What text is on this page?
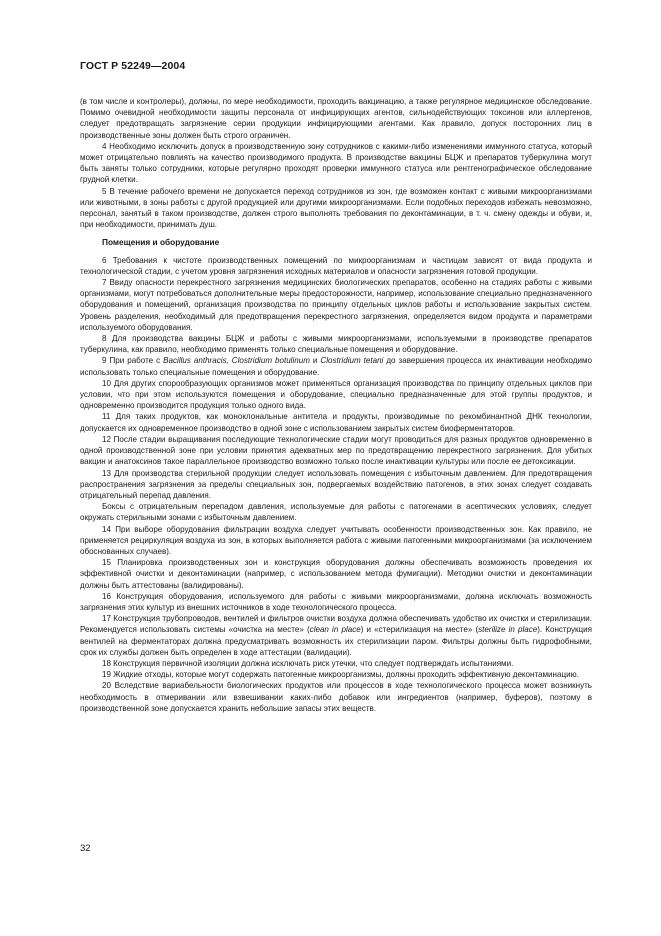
ГОСТ Р 52249—2004

(в том числе и контролеры), должны, по мере необходимости, проходить вакцинацию, а также регулярное медицинское обследование. Помимо очевидной необходимости защиты персонала от инфицирующих агентов, сильнодействующих токсинов или аллергенов, следует предотвращать загрязнение серии продукции инфицирующими агентами. Как правило, допуск посторонних лиц в производственные зоны должен быть строго ограничен.

4 Необходимо исключить допуск в производственную зону сотрудников с какими-либо изменениями иммунного статуса, который может отрицательно повлиять на качество производимого продукта. В производстве вакцины БЦЖ и препаратов туберкулина могут быть заняты только сотрудники, которые регулярно проходят проверки иммунного статуса или рентгенографическое обследование грудной клетки.

5 В течение рабочего времени не допускается переход сотрудников из зон, где возможен контакт с живыми микроорганизмами или животными, в зоны работы с другой продукцией или другими микроорганизмами. Если подобных переходов избежать невозможно, персонал, занятый в таком производстве, должен строго выполнять требования по деконтаминации, в т. ч. смену одежды и обуви, и, при необходимости, принимать душ.

Помещения и оборудование

6 Требования к чистоте производственных помещений по микроорганизмам и частицам зависят от вида продукта и технологической стадии, с учетом уровня загрязнения исходных материалов и опасности загрязнения готовой продукции.

7 Ввиду опасности перекрестного загрязнения медицинских биологических препаратов, особенно на стадиях работы с живыми организмами, могут потребоваться дополнительные меры предосторожности, например, использование специально предназначенного оборудования и помещений, организация производства по принципу отдельных циклов работы и использование закрытых систем. Уровень разделения, необходимый для предотвращения перекрестного загрязнения, определяется видом продукта и параметрами используемого оборудования.

8 Для производства вакцины БЦЖ и работы с живыми микроорганизмами, используемыми в производстве препаратов туберкулина, как правило, необходимо применять только специальные помещения и оборудование.

9 При работе с Bacillus anthracis, Clostridium botulinum и Clostridium tetani до завершения процесса их инактивации необходимо использовать только специальные помещения и оборудование.

10 Для других спорообразующих организмов может применяться организация производства по принципу отдельных циклов при условии, что при этом используются помещения и оборудование, специально предназначенные для этой группы продуктов, и одновременно производится продукция только одного вида.

11 Для таких продуктов, как моноклональные антитела и продукты, производимые по рекомбинантной ДНК технологии, допускается их одновременное производство в одной зоне с использованием закрытых систем биоферментаторов.

12 После стадии выращивания последующие технологические стадии могут проводиться для разных продуктов одновременно в одной производственной зоне при условии принятия адекватных мер по предотвращению перекрестного загрязнения. Для убитых вакцин и анатоксинов такое параллельное производство возможно только после инактивации культуры или после ее детоксикации.

13 Для производства стерильной продукции следует использовать помещения с избыточным давлением. Для предотвращения распространения загрязнения за пределы специальных зон, подвергаемых воздействию патогенов, в этих зонах следует создавать отрицательный перепад давления.

Боксы с отрицательным перепадом давления, используемые для работы с патогенами в асептических условиях, следует окружать стерильными зонами с избыточным давлением.

14 При выборе оборудования фильтрации воздуха следует учитывать особенности производственных зон. Как правило, не применяется рециркуляция воздуха из зон, в которых выполняется работа с живыми патогенными микроорганизмами (за исключением обоснованных случаев).

15 Планировка производственных зон и конструкция оборудования должны обеспечивать возможность проведения их эффективной очистки и деконтаминации (например, с использованием метода фумигации). Методики очистки и деконтаминации должны быть аттестованы (валидированы).

16 Конструкция оборудования, используемого для работы с живыми микроорганизмами, должна исключать возможность загрязнения этих культур из внешних источников в ходе технологического процесса.

17 Конструкция трубопроводов, вентилей и фильтров очистки воздуха должна обеспечивать удобство их очистки и стерилизации. Рекомендуется использовать системы «очистка на месте» (clean in place) и «стерилизация на месте» (sterilize in place). Конструкция вентилей на ферментаторах должна предусматривать возможность их стерилизации паром. Фильтры должны быть гидрофобными, срок их службы должен быть определен в ходе аттестации (валидации).

18 Конструкция первичной изоляции должна исключать риск утечки, что следует подтверждать испытаниями.

19 Жидкие отходы, которые могут содержать патогенные микроорганизмы, должны проходить эффективную деконтаминацию.

20 Вследствие вариабельности биологических продуктов или процессов в ходе технологического процесса может возникнуть необходимость в отмеривании или взвешивании каких-либо добавок или ингредиентов (например, буферов), поэтому в производственной зоне допускается хранить небольшие запасы этих веществ.

32
